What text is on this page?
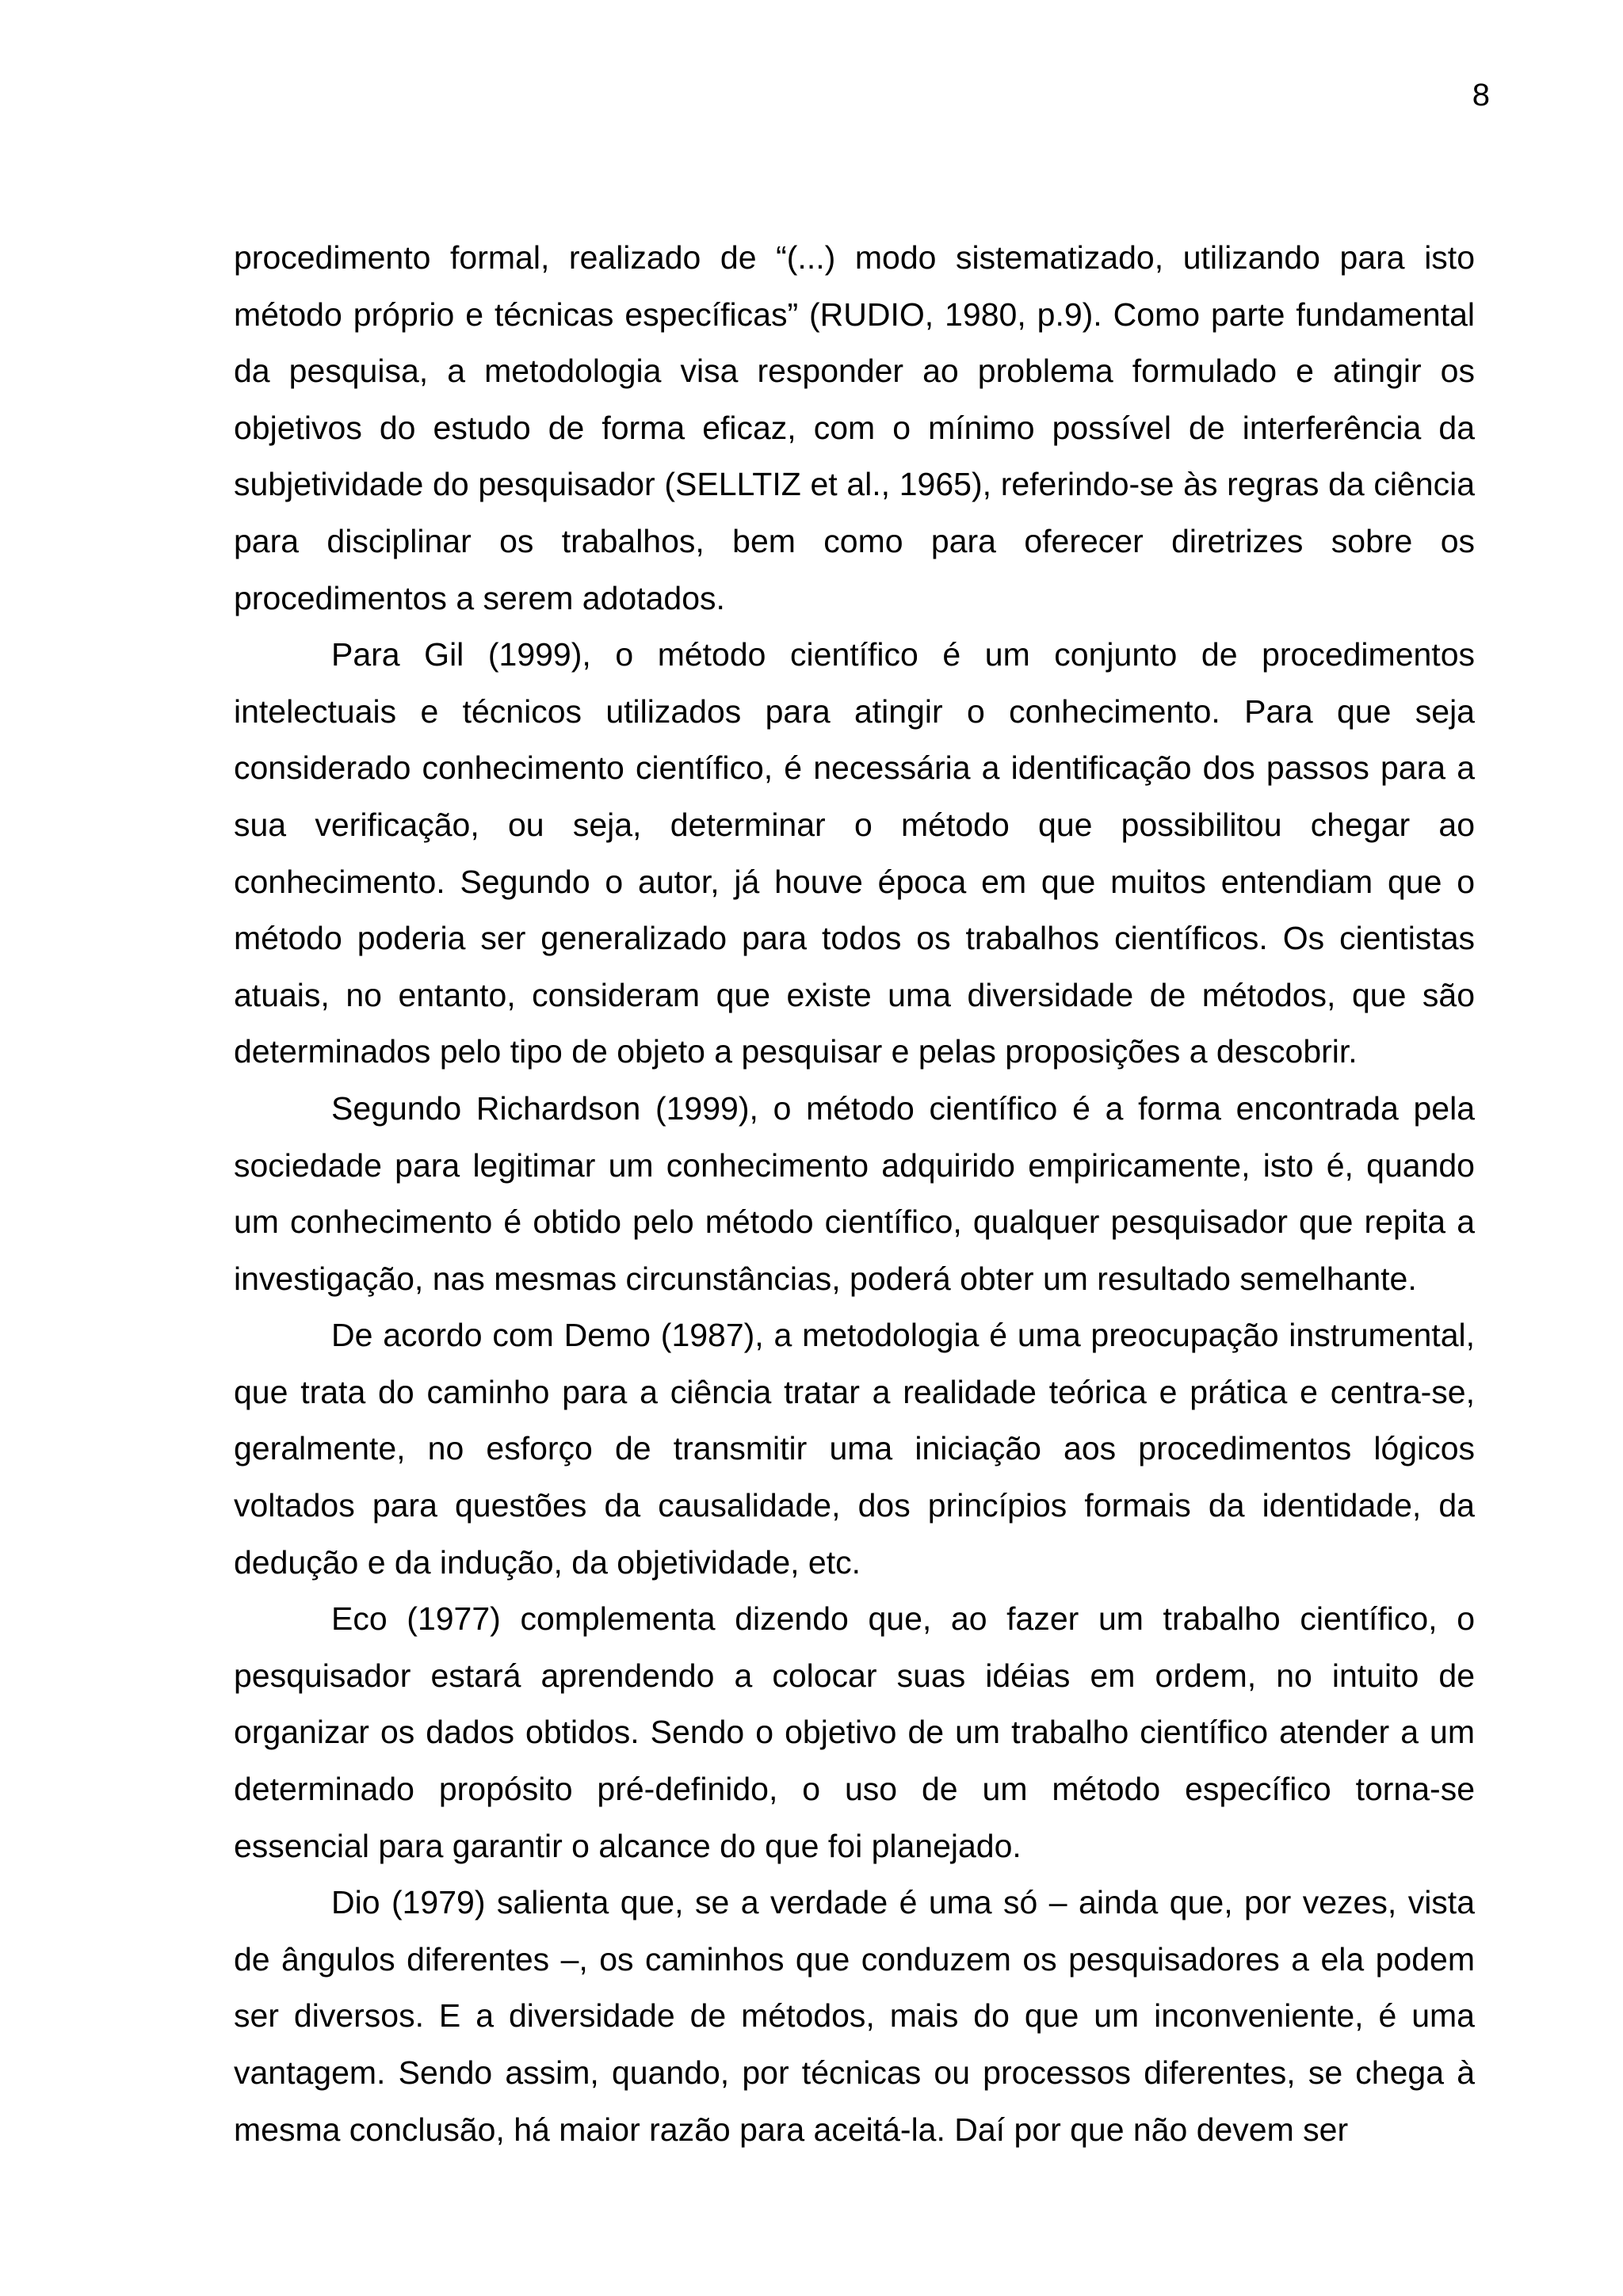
8

procedimento formal, realizado de “(...) modo sistematizado, utilizando para isto método próprio e técnicas específicas” (RUDIO, 1980, p.9). Como parte fundamental da pesquisa, a metodologia visa responder ao problema formulado e atingir os objetivos do estudo de forma eficaz, com o mínimo possível de interferência da subjetividade do pesquisador (SELLTIZ et al., 1965), referindo-se às regras da ciência para disciplinar os trabalhos, bem como para oferecer diretrizes sobre os procedimentos a serem adotados.

Para Gil (1999), o método científico é um conjunto de procedimentos intelectuais e técnicos utilizados para atingir o conhecimento. Para que seja considerado conhecimento científico, é necessária a identificação dos passos para a sua verificação, ou seja, determinar o método que possibilitou chegar ao conhecimento. Segundo o autor, já houve época em que muitos entendiam que o método poderia ser generalizado para todos os trabalhos científicos. Os cientistas atuais, no entanto, consideram que existe uma diversidade de métodos, que são determinados pelo tipo de objeto a pesquisar e pelas proposições a descobrir.

Segundo Richardson (1999), o método científico é a forma encontrada pela sociedade para legitimar um conhecimento adquirido empiricamente, isto é, quando um conhecimento é obtido pelo método científico, qualquer pesquisador que repita a investigação, nas mesmas circunstâncias, poderá obter um resultado semelhante.

De acordo com Demo (1987), a metodologia é uma preocupação instrumental, que trata do caminho para a ciência tratar a realidade teórica e prática e centra-se, geralmente, no esforço de transmitir uma iniciação aos procedimentos lógicos voltados para questões da causalidade, dos princípios formais da identidade, da dedução e da indução, da objetividade, etc.

Eco (1977) complementa dizendo que, ao fazer um trabalho científico, o pesquisador estará aprendendo a colocar suas idéias em ordem, no intuito de organizar os dados obtidos. Sendo o objetivo de um trabalho científico atender a um determinado propósito pré-definido, o uso de um método específico torna-se essencial para garantir o alcance do que foi planejado.

Dio (1979) salienta que, se a verdade é uma só – ainda que, por vezes, vista de ângulos diferentes –, os caminhos que conduzem os pesquisadores a ela podem ser diversos. E a diversidade de métodos, mais do que um inconveniente, é uma vantagem. Sendo assim, quando, por técnicas ou processos diferentes, se chega à mesma conclusão, há maior razão para aceitá-la. Daí por que não devem ser
